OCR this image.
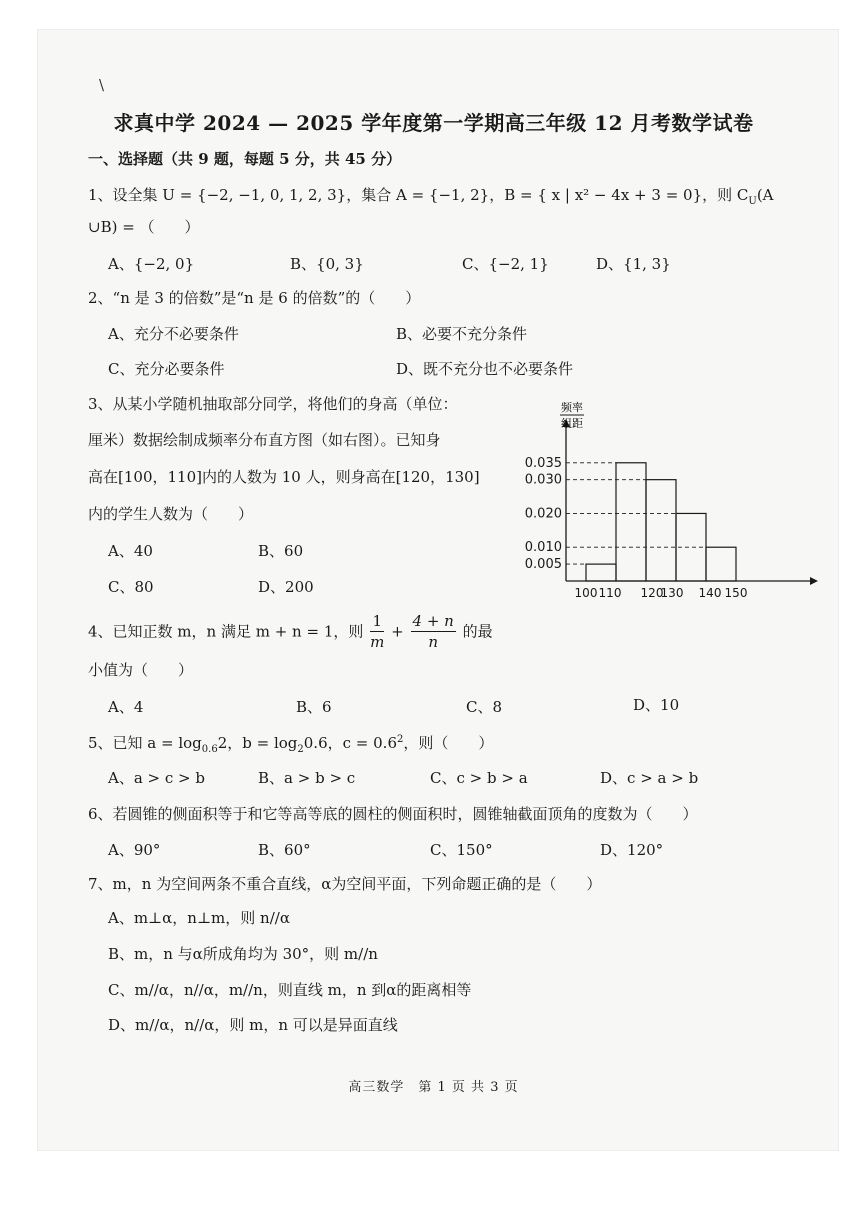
\
求真中学 2024 — 2025 学年度第一学期高三年级 12 月考数学试卷
一、选择题（共 9 题，每题 5 分，共 45 分）
1、设全集 U = {−2, −1, 0, 1, 2, 3}，集合 A = {−1, 2}，B = { x | x² − 4x + 3 = 0}，则 $C_U(A$
∪B) = （　　）
A、{−2, 0}	B、{0, 3}	C、{−2, 1}	D、{1, 3}
2、“n 是 3 的倍数”是“n 是 6 的倍数”的（　　）
A、充分不必要条件	B、必要不充分条件
C、充分必要条件	D、既不充分也不必要条件
3、从某小学随机抽取部分同学，将他们的身高（单位：
厘米）数据绘制成频率分布直方图（如右图）。已知身
高在[100，110]内的人数为 10 人，则身高在[120，130]
内的学生人数为（　　）
A、40	B、60
C、80	D、200
0.035
0.030
0.020
0.010
0.005
100 110 120
130 140 150
频率
组距
4、已知正数 m，n 满足 m + n = 1，则 $\frac{1}{m} + \frac{4 + n}{n}$ 的最
小值为（　　）
A、4	B、6	C、8	D、10
5、已知 $a = \log_{0.6}2$，$b = \log_20.6$，$c = 0.6^2$，则（　　）
A、a > c > b	B、a > b > c	C、c > b > a	D、c > a > b
6、若圆锥的侧面积等于和它等高等底的圆柱的侧面积时，圆锥轴截面顶角的度数为（　　）
A、90°	B、60°	C、150°	D、120°
7、m，n 为空间两条不重合直线，α为空间平面，下列命题正确的是（　　）
A、m⊥α，n⊥m，则 n//α
B、m，n 与α所成角均为 30°，则 m//n
C、m//α，n//α，m//n，则直线 m，n 到α的距离相等
D、m//α，n//α，则 m，n 可以是异面直线
高三数学　第 1 页 共 3 页
